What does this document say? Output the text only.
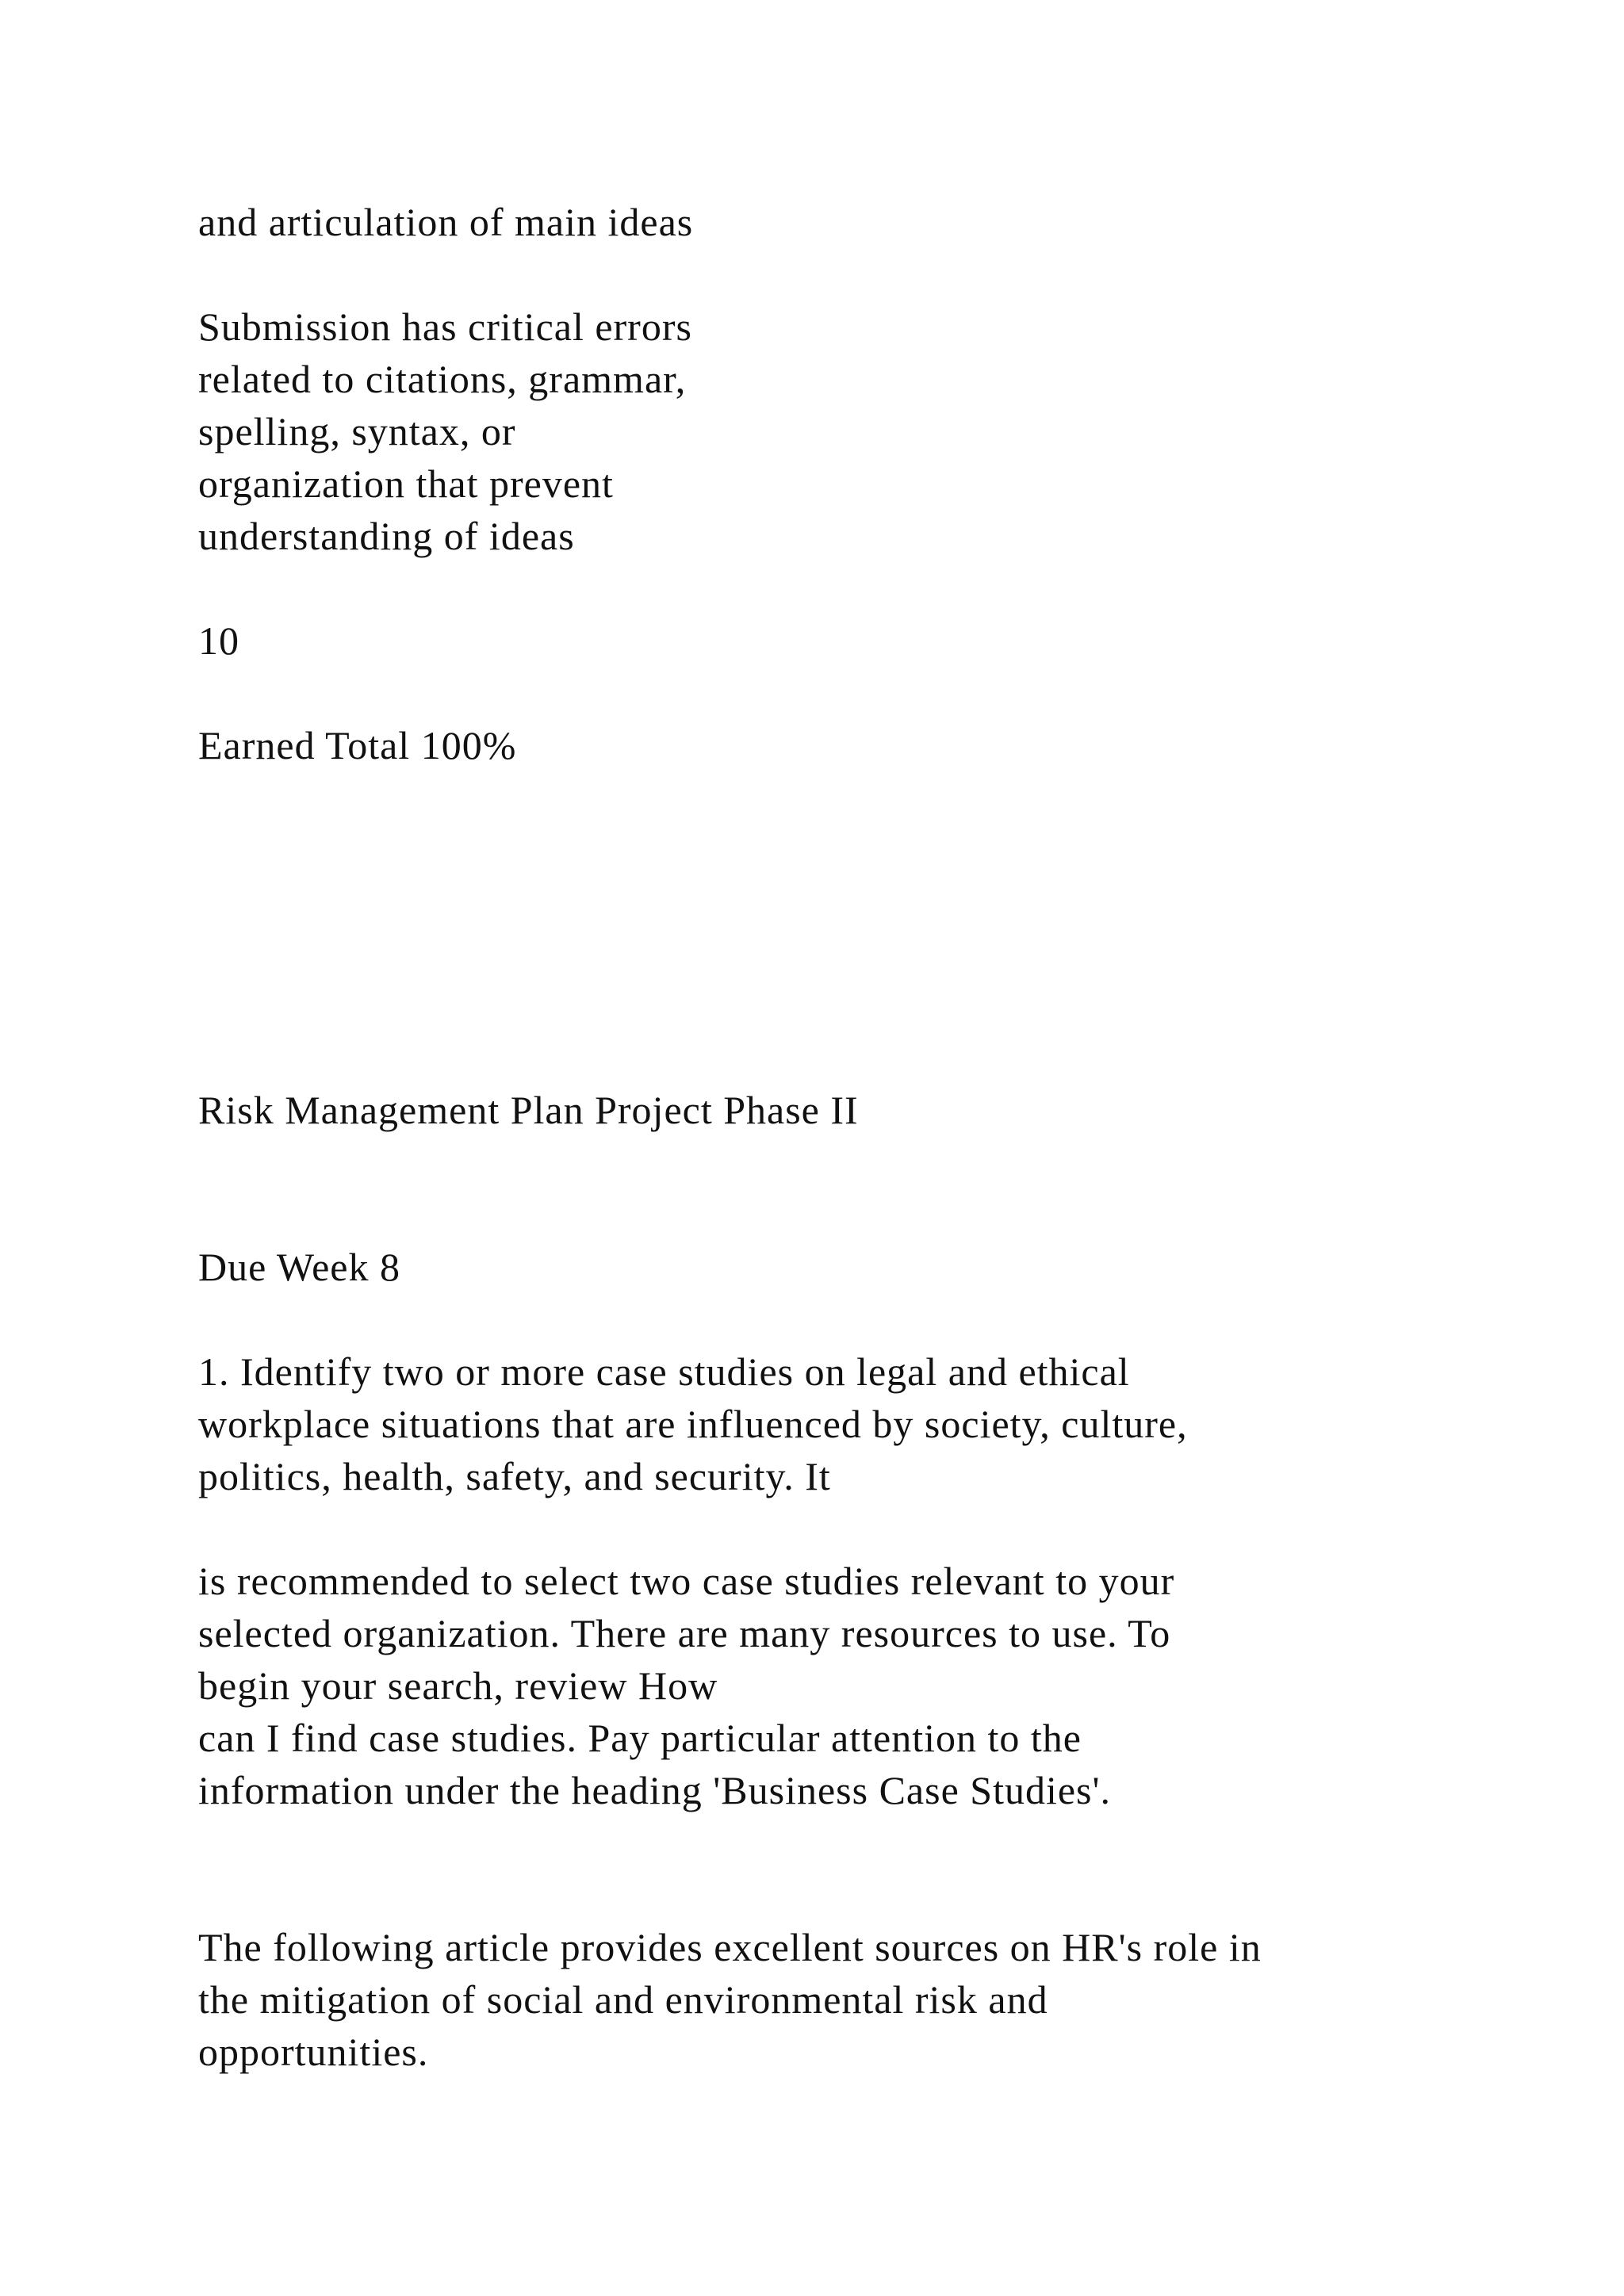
and articulation of main ideas

Submission has critical errors

related to citations, grammar,

spelling, syntax, or

organization that prevent

understanding of ideas

10

Earned Total 100%

Risk Management Plan Project Phase II

Due Week 8

1. Identify two or more case studies on legal and ethical

workplace situations that are influenced by society, culture,

politics, health, safety, and security. It

is recommended to select two case studies relevant to your

selected organization. There are many resources to use. To

begin your search, review How

can I find case studies. Pay particular attention to the

information under the heading 'Business Case Studies'.

The following article provides excellent sources on HR's role in

the mitigation of social and environmental risk and

opportunities.
